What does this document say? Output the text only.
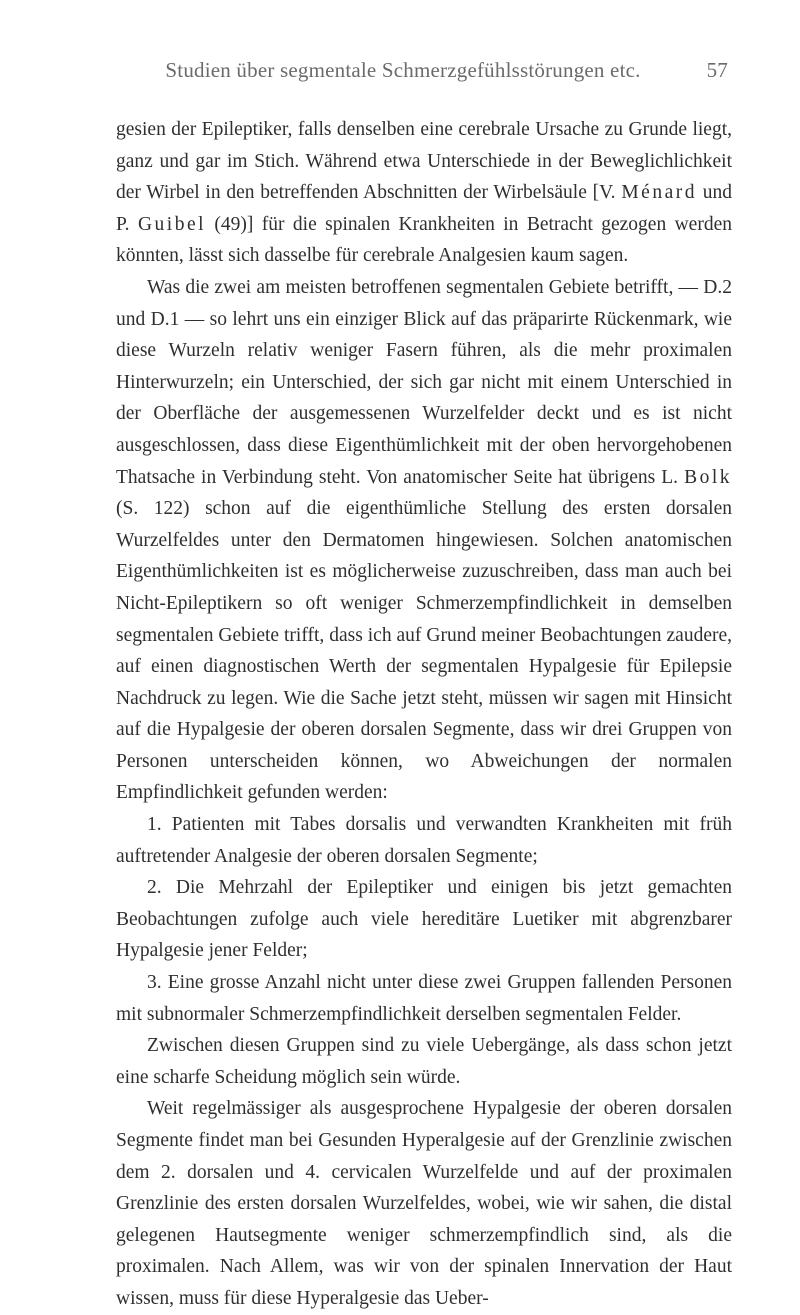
Studien über segmentale Schmerzgefühlsstörungen etc.	57

gesien der Epileptiker, falls denselben eine cerebrale Ursache zu Grunde liegt, ganz und gar im Stich. Während etwa Unterschiede in der Beweglichlichkeit der Wirbel in den betreffenden Abschnitten der Wirbelsäule [V. Ménard und P. Guibel (49)] für die spinalen Krankheiten in Betracht gezogen werden könnten, lässt sich dasselbe für cerebrale Analgesien kaum sagen.

Was die zwei am meisten betroffenen segmentalen Gebiete betrifft, — D.2 und D.1 — so lehrt uns ein einziger Blick auf das präparirte Rückenmark, wie diese Wurzeln relativ weniger Fasern führen, als die mehr proximalen Hinterwurzeln; ein Unterschied, der sich gar nicht mit einem Unterschied in der Oberfläche der ausgemessenen Wurzelfelder deckt und es ist nicht ausgeschlossen, dass diese Eigenthümlichkeit mit der oben hervorgehobenen Thatsache in Verbindung steht. Von anatomischer Seite hat übrigens L. Bolk (S. 122) schon auf die eigenthümliche Stellung des ersten dorsalen Wurzelfeldes unter den Dermatomen hingewiesen. Solchen anatomischen Eigenthümlichkeiten ist es möglicherweise zuzuschreiben, dass man auch bei Nicht-Epileptikern so oft weniger Schmerzempfindlichkeit in demselben segmentalen Gebiete trifft, dass ich auf Grund meiner Beobachtungen zaudere, auf einen diagnostischen Werth der segmentalen Hypalgesie für Epilepsie Nachdruck zu legen. Wie die Sache jetzt steht, müssen wir sagen mit Hinsicht auf die Hypalgesie der oberen dorsalen Segmente, dass wir drei Gruppen von Personen unterscheiden können, wo Abweichungen der normalen Empfindlichkeit gefunden werden:

1. Patienten mit Tabes dorsalis und verwandten Krankheiten mit früh auftretender Analgesie der oberen dorsalen Segmente;

2. Die Mehrzahl der Epileptiker und einigen bis jetzt gemachten Beobachtungen zufolge auch viele hereditäre Luetiker mit abgrenzbarer Hypalgesie jener Felder;

3. Eine grosse Anzahl nicht unter diese zwei Gruppen fallenden Personen mit subnormaler Schmerzempfindlichkeit derselben segmentalen Felder.

Zwischen diesen Gruppen sind zu viele Uebergänge, als dass schon jetzt eine scharfe Scheidung möglich sein würde.

Weit regelmässiger als ausgesprochene Hypalgesie der oberen dorsalen Segmente findet man bei Gesunden Hyperalgesie auf der Grenzlinie zwischen dem 2. dorsalen und 4. cervicalen Wurzelfelde und auf der proximalen Grenzlinie des ersten dorsalen Wurzelfeldes, wobei, wie wir sahen, die distal gelegenen Hautsegmente weniger schmerzempfindlich sind, als die proximalen. Nach Allem, was wir von der spinalen Innervation der Haut wissen, muss für diese Hyperalgesie das Ueber-
